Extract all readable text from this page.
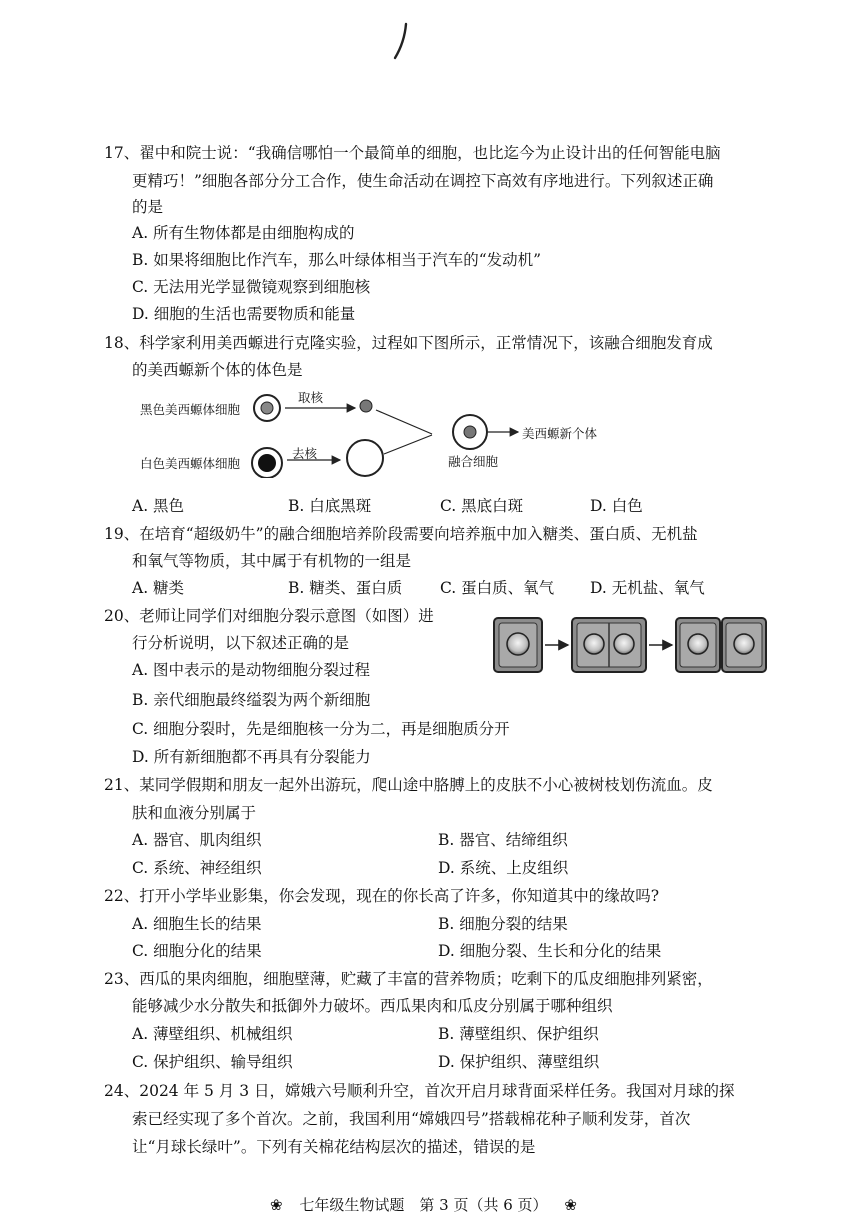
17、翟中和院士说：“我确信哪怕一个最简单的细胞，也比迄今为止设计出的任何智能电脑
更精巧！”细胞各部分分工合作，使生命活动在调控下高效有序地进行。下列叙述正确
的是
A. 所有生物体都是由细胞构成的
B. 如果将细胞比作汽车，那么叶绿体相当于汽车的“发动机”
C. 无法用光学显微镜观察到细胞核
D. 细胞的生活也需要物质和能量
18、科学家利用美西螈进行克隆实验，过程如下图所示，正常情况下，该融合细胞发育成
的美西螈新个体的体色是
黑色美西螈体细胞
取核
白色美西螈体细胞
去核
融合细胞
美西螈新个体
A. 黑色	B. 白底黑斑	C. 黑底白斑	D. 白色
19、在培育“超级奶牛”的融合细胞培养阶段需要向培养瓶中加入糖类、蛋白质、无机盐
和氧气等物质，其中属于有机物的一组是
A. 糖类	B. 糖类、蛋白质 C. 蛋白质、氧气 D. 无机盐、氧气
20、老师让同学们对细胞分裂示意图（如图）进
行分析说明，以下叙述正确的是
A. 图中表示的是动物细胞分裂过程
B. 亲代细胞最终缢裂为两个新细胞
C. 细胞分裂时，先是细胞核一分为二，再是细胞质分开
D. 所有新细胞都不再具有分裂能力
21、某同学假期和朋友一起外出游玩，爬山途中胳膊上的皮肤不小心被树枝划伤流血。皮
肤和血液分别属于
A. 器官、肌肉组织	B. 器官、结缔组织
C. 系统、神经组织	D. 系统、上皮组织
22、打开小学毕业影集，你会发现，现在的你长高了许多，你知道其中的缘故吗?
A. 细胞生长的结果	B. 细胞分裂的结果
C. 细胞分化的结果	D. 细胞分裂、生长和分化的结果
23、西瓜的果肉细胞，细胞壁薄，贮藏了丰富的营养物质；吃剩下的瓜皮细胞排列紧密，
能够减少水分散失和抵御外力破坏。西瓜果肉和瓜皮分别属于哪种组织
A. 薄壁组织、机械组织	B. 薄壁组织、保护组织
C. 保护组织、输导组织	D. 保护组织、薄壁组织
24、2024 年 5 月 3 日，嫦娥六号顺利升空，首次开启月球背面采样任务。我国对月球的探
索已经实现了多个首次。之前，我国利用“嫦娥四号”搭载棉花种子顺利发芽，首次
让“月球长绿叶”。下列有关棉花结构层次的描述，错误的是
❀ 七年级生物试题　第 3 页（共 6 页） ❀
